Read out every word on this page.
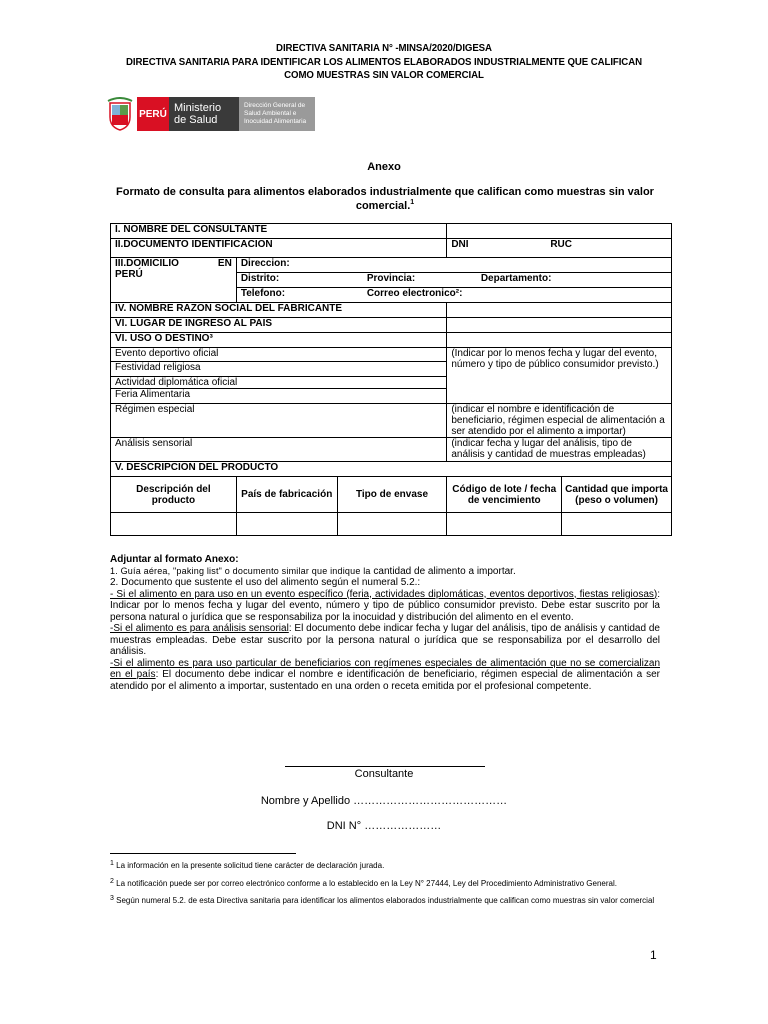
DIRECTIVA SANITARIA N° -MINSA/2020/DIGESA
DIRECTIVA SANITARIA PARA IDENTIFICAR LOS ALIMENTOS ELABORADOS INDUSTRIALMENTE QUE CALIFICAN
COMO MUESTRAS SIN VALOR COMERCIAL
PERÚ Ministerio
de Salud
Dirección General de
Salud Ambiental e
Inocuidad Alimentaria
Anexo
Formato de consulta para alimentos elaborados industrialmente que califican como muestras sin valor comercial.$^1$
I. NOMBRE DEL CONSULTANTE				
II.DOCUMENTO IDENTIFICACION			DNI RUC	

III.DOMICILIO EN
PERÚ	Direccion:			
	Distrito: Provincia: Departamento:			
	Telefono: Correo electronico²:			
IV. NOMBRE RAZON SOCIAL DEL FABRICANTE				
VI. LUGAR DE INGRESO AL PAIS				
VI. USO O DESTINO³				
Evento deportivo oficial			(Indicar por lo menos fecha y lugar del evento, número y tipo de público consumidor previsto.)	
Festividad religiosa				
Actividad diplomática oficial				
Feria Alimentaria				
Régimen especial			(indicar el nombre e identificación de beneficiario, régimen especial de alimentación a ser atendido por el alimento a importar)	
Análisis sensorial			(indicar fecha y lugar del análisis, tipo de análisis y cantidad de muestras empleadas)	
V. DESCRIPCION DEL PRODUCTO				
Descripción del producto	País de fabricación	Tipo de envase	Código de lote / fecha de vencimiento	Cantidad que importa (peso o volumen)

Adjuntar al formato Anexo:

1. Guía aérea, "paking list" o documento similar que indique la cantidad de alimento a importar.

2. Documento que sustente el uso del alimento según el numeral 5.2.:

- Si el alimento en para uso en un evento específico (feria, actividades diplomáticas, eventos deportivos, fiestas religiosas): Indicar por lo menos fecha y lugar del evento, número y tipo de público consumidor previsto. Debe estar suscrito por la persona natural o jurídica que se responsabiliza por la inocuidad y distribución del alimento en el evento.

-Si el alimento es para análisis sensorial: El documento debe indicar fecha y lugar del análisis, tipo de análisis y cantidad de muestras empleadas. Debe estar suscrito por la persona natural o jurídica que se responsabiliza por el desarrollo del análisis.

-Si el alimento es para uso particular de beneficiarios con regímenes especiales de alimentación que no se comercializan en el país: El documento debe indicar el nombre e identificación de beneficiario, régimen especial de alimentación a ser atendido por el alimento a importar, sustentado en una orden o receta emitida por el profesional competente.

Consultante
Nombre y Apellido ……………………………………
DNI N° …………………
$^1$ La información en la presente solicitud tiene carácter de declaración jurada.
$^2$ La notificación puede ser por correo electrónico conforme a lo establecido en la Ley N° 27444, Ley del Procedimiento Administrativo General.
$^3$ Según numeral 5.2. de esta Directiva sanitaria para identificar los alimentos elaborados industrialmente que califican como muestras sin valor comercial
1
